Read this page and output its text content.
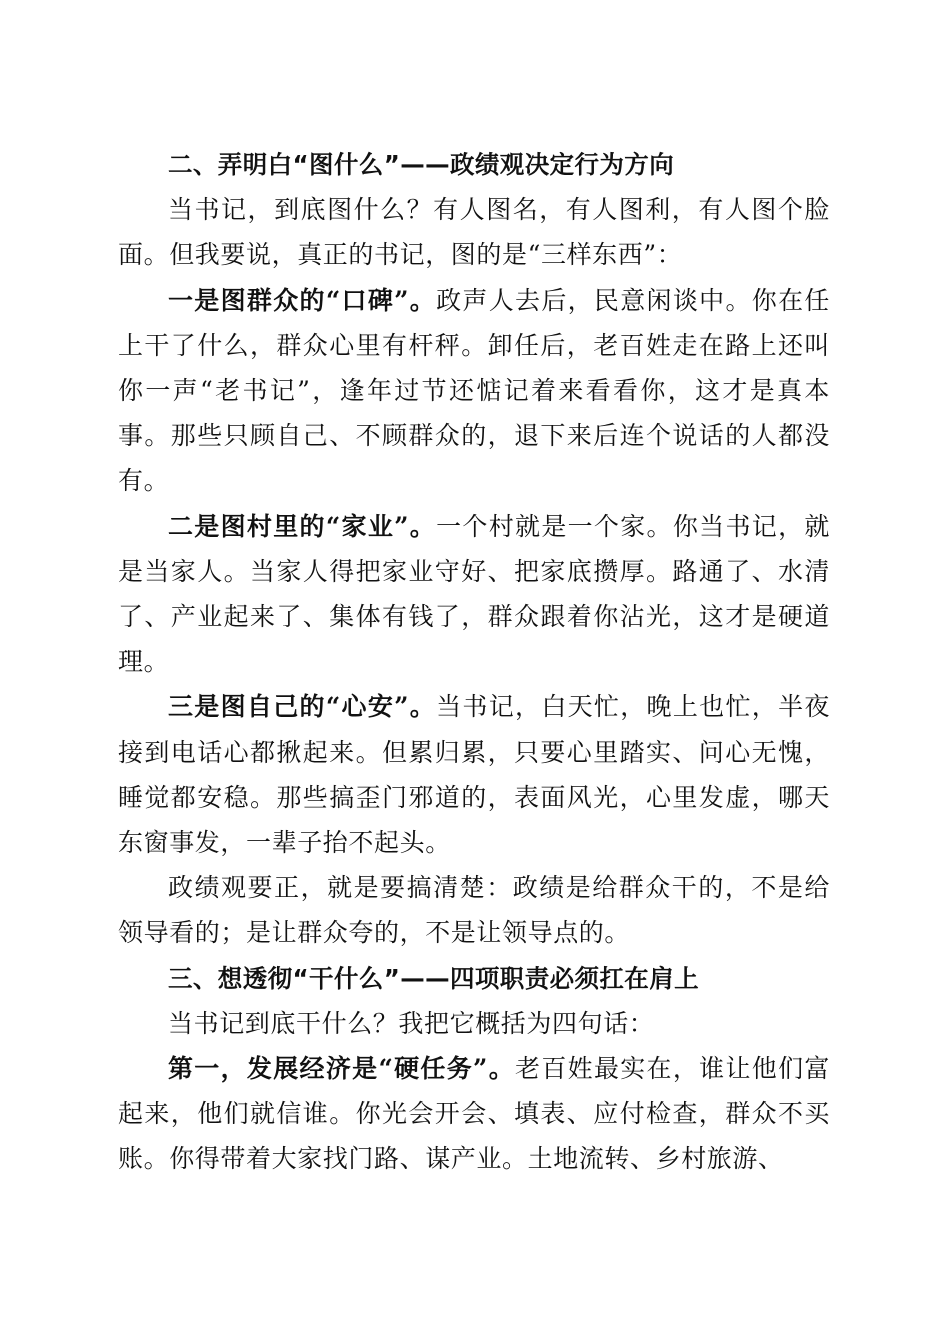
二、弄明白“图什么”——政绩观决定行为方向

当书记，到底图什么？有人图名，有人图利，有人图个脸面。但我要说，真正的书记，图的是“三样东西”：

一是图群众的“口碑”。政声人去后，民意闲谈中。你在任上干了什么，群众心里有杆秤。卸任后，老百姓走在路上还叫你一声“老书记”，逢年过节还惦记着来看看你，这才是真本事。那些只顾自己、不顾群众的，退下来后连个说话的人都没有。

二是图村里的“家业”。一个村就是一个家。你当书记，就是当家人。当家人得把家业守好、把家底攒厚。路通了、水清了、产业起来了、集体有钱了，群众跟着你沾光，这才是硬道理。

三是图自己的“心安”。当书记，白天忙，晚上也忙，半夜接到电话心都揪起来。但累归累，只要心里踏实、问心无愧，睡觉都安稳。那些搞歪门邪道的，表面风光，心里发虚，哪天东窗事发，一辈子抬不起头。

政绩观要正，就是要搞清楚：政绩是给群众干的，不是给领导看的；是让群众夸的，不是让领导点的。

三、想透彻“干什么”——四项职责必须扛在肩上

当书记到底干什么？我把它概括为四句话：

第一，发展经济是“硬任务”。老百姓最实在，谁让他们富起来，他们就信谁。你光会开会、填表、应付检查，群众不买账。你得带着大家找门路、谋产业。土地流转、乡村旅游、
